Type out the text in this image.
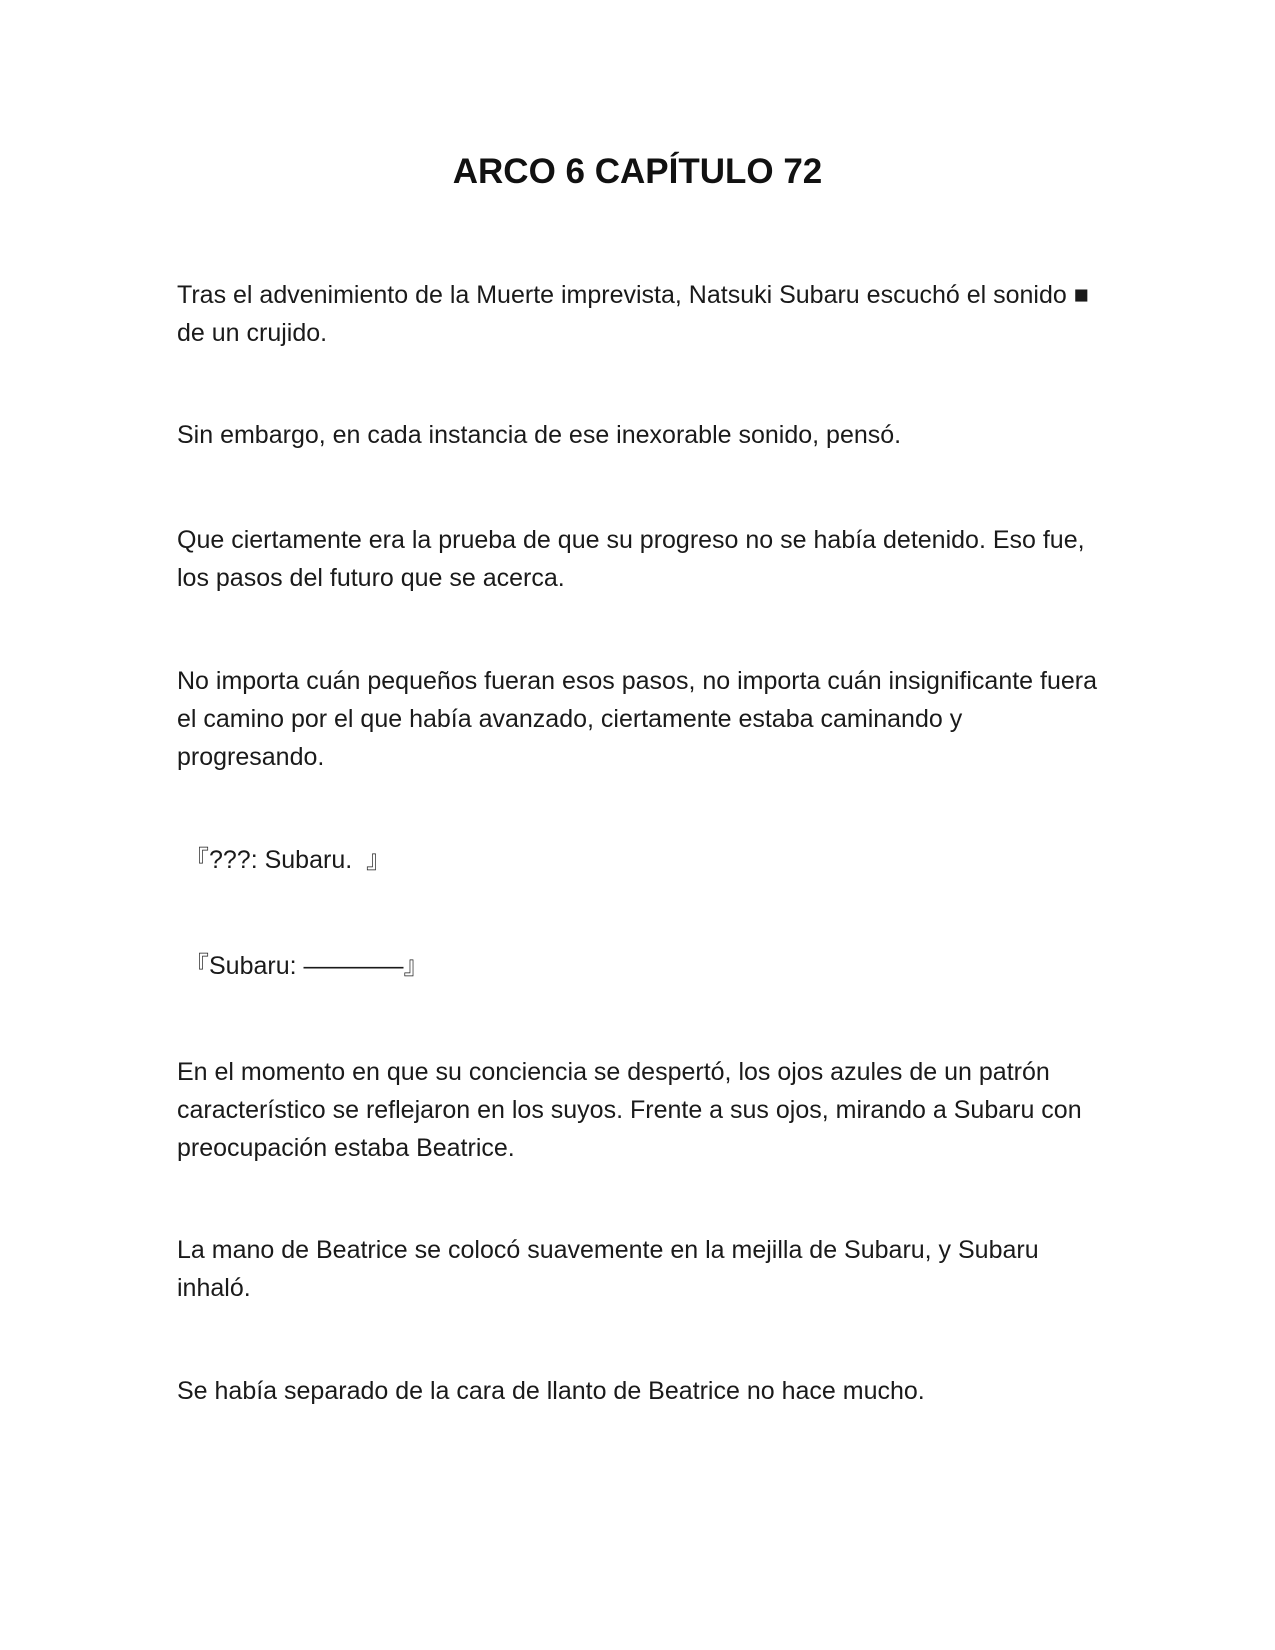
ARCO 6 CAPÍTULO 72

Tras el advenimiento de la Muerte imprevista, Natsuki Subaru escuchó el sonido ■ de un crujido.

Sin embargo, en cada instancia de ese inexorable sonido, pensó.

Que ciertamente era la prueba de que su progreso no se había detenido. Eso fue, los pasos del futuro que se acerca.

No importa cuán pequeños fueran esos pasos, no importa cuán insignificante fuera el camino por el que había avanzado, ciertamente estaba caminando y progresando.

『???: Subaru.  』

『Subaru: ————』

En el momento en que su conciencia se despertó, los ojos azules de un patrón característico se reflejaron en los suyos. Frente a sus ojos, mirando a Subaru con preocupación estaba Beatrice.

La mano de Beatrice se colocó suavemente en la mejilla de Subaru, y Subaru inhaló.

Se había separado de la cara de llanto de Beatrice no hace mucho.
